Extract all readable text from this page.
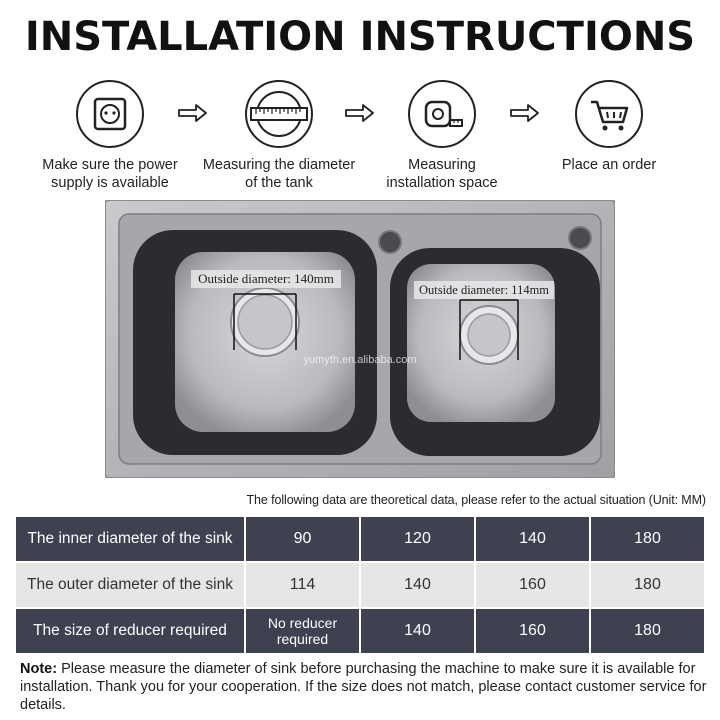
INSTALLATION INSTRUCTIONS
Make sure the power
supply is available
Measuring the diameter
of the tank
Measuring
installation space
Place an order
Outside diameter: 140mm
Outside diameter: 114mm
yumyth.en.alibaba.com
The following data are theoretical data, please refer to the actual situation (Unit: MM)
The inner diameter of the sink	90	120	140	180
The outer diameter of the sink	114	140	160	180
The size of reducer required	No reducer required	140	160	180
Note: Please measure the diameter of sink before purchasing the machine to make sure it is available for installation. Thank you for your cooperation. If the size does not match, please contact customer service for details.
